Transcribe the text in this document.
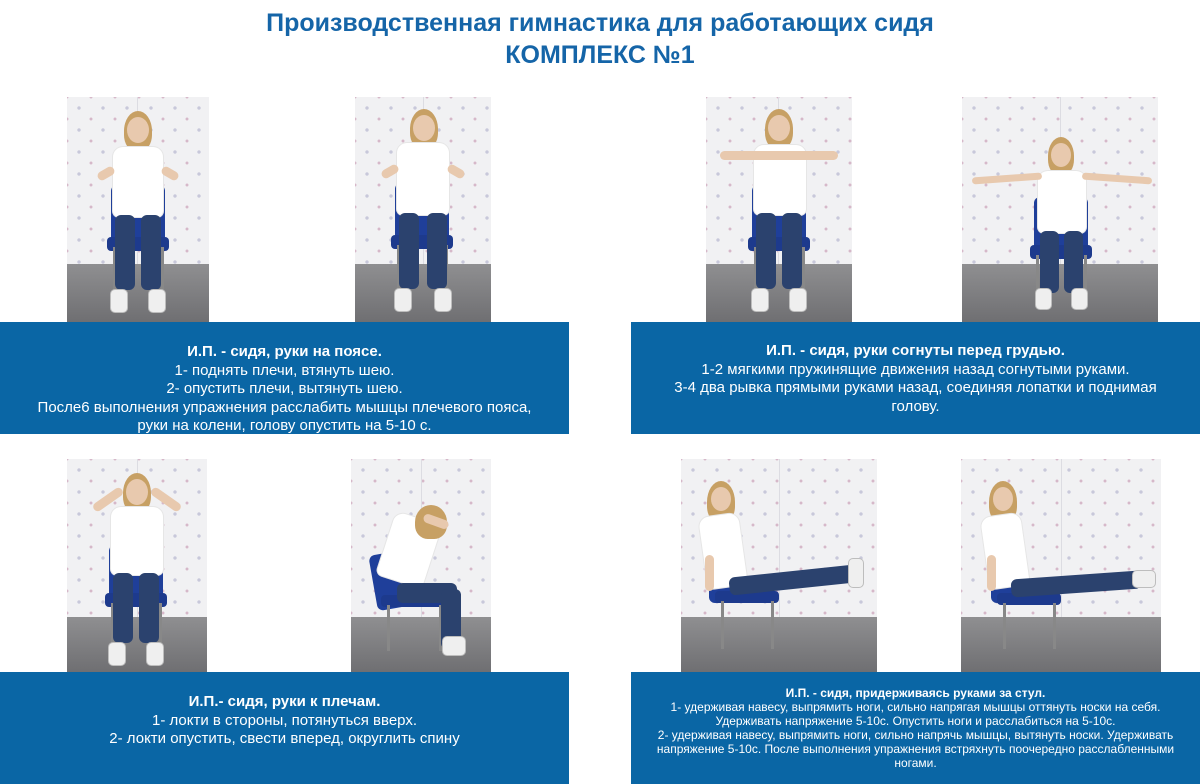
Производственная гимнастика для работающих сидя
КОМПЛЕКС №1

И.П. - сидя, руки на поясе.

1- поднять плечи, втянуть шею.

2- опустить плечи, вытянуть шею.

После6 выполнения упражнения расслабить мышцы плечевого пояса,

руки на колени, голову опустить на 5-10 с.

И.П. - сидя, руки согнуты перед грудью.

1-2 мягкими пружинящие движения назад согнутыми руками.

3-4 два рывка прямыми руками назад, соединяя лопатки и поднимая

голову.

И.П.- сидя, руки к плечам.

1- локти в стороны, потянуться вверх.

2- локти опустить, свести вперед, округлить спину

И.П. - сидя, придерживаясь руками за стул.

1- удерживая навесу, выпрямить ноги, сильно напрягая мышцы оттянуть носки на себя.

Удерживать напряжение 5-10с. Опустить ноги и расслабиться на 5-10с.

2- удерживая навесу, выпрямить ноги, сильно напрячь мышцы, вытянуть носки. Удерживать

напряжение 5-10с. После выполнения упражнения встряхнуть поочередно расслабленными

ногами.
